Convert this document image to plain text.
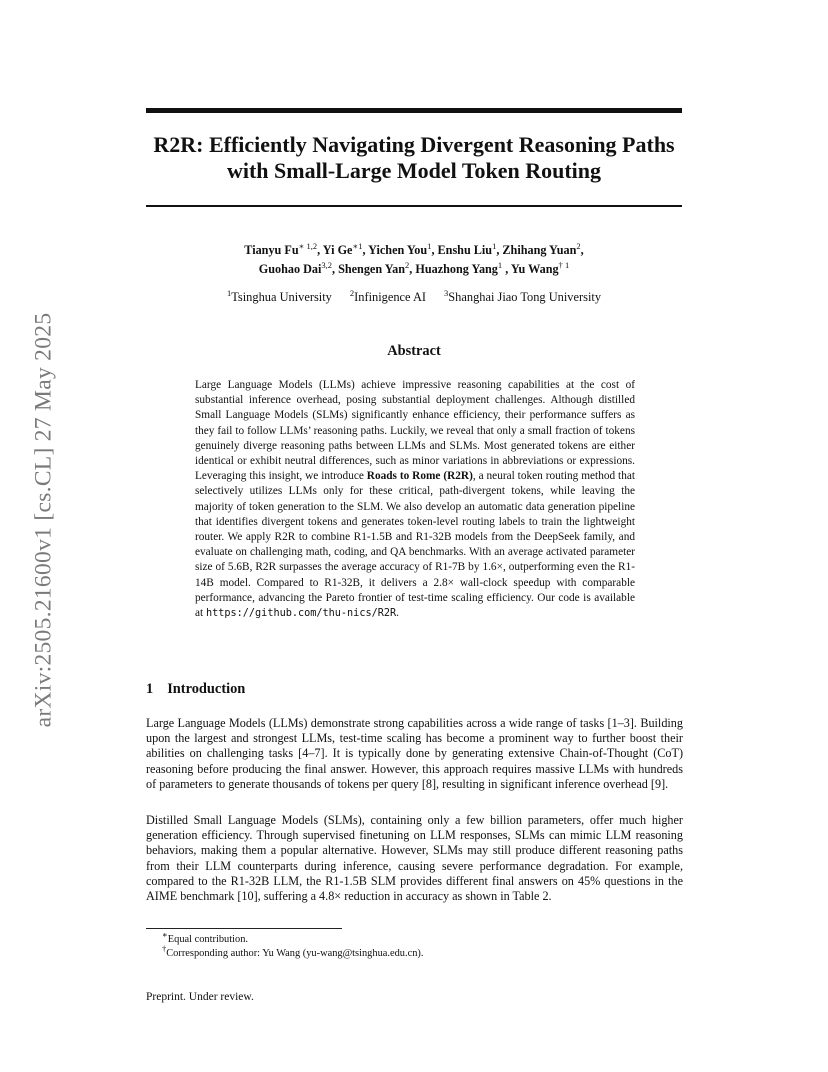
arXiv:2505.21600v1 [cs.CL] 27 May 2025
R2R: Efficiently Navigating Divergent Reasoning Paths with Small-Large Model Token Routing

Tianyu $Fu^{∗ 1,2}$, Yi $Ge^{∗1}$, Yichen You$^1$, Enshu Liu$^1$, Zhihang Yuan$^2$,
Guohao Dai$^{3,2}$, Shengen Yan$^2$, Huazhong Yang$^1$ , Yu Wang$^{\dagger 1}$

$^1$Tsinghua University $^2$Infinigence AI $^3$Shanghai Jiao Tong University
Abstract

Large Language Models (LLMs) achieve impressive reasoning capabilities at the cost of substantial inference overhead, posing substantial deployment challenges. Although distilled Small Language Models (SLMs) significantly enhance efficiency, their performance suffers as they fail to follow LLMs’ reasoning paths. Luckily, we reveal that only a small fraction of tokens genuinely diverge reasoning paths between LLMs and SLMs. Most generated tokens are either identical or exhibit neutral differences, such as minor variations in abbreviations or expressions. Leveraging this insight, we introduce Roads to Rome (R2R), a neural token routing method that selectively utilizes LLMs only for these critical, path-divergent tokens, while leaving the majority of token generation to the SLM. We also develop an automatic data generation pipeline that identifies divergent tokens and generates token-level routing labels to train the lightweight router. We apply R2R to combine R1-1.5B and R1-32B models from the DeepSeek family, and evaluate on challenging math, coding, and QA benchmarks. With an average activated parameter size of 5.6B, R2R surpasses the average accuracy of R1-7B by 1.6×, outperforming even the R1-14B model. Compared to R1-32B, it delivers a 2.8× wall-clock speedup with comparable performance, advancing the Pareto frontier of test-time scaling efficiency. Our code is available at https://github.com/thu-nics/R2R.

1 Introduction

Large Language Models (LLMs) demonstrate strong capabilities across a wide range of tasks [1–3]. Building upon the largest and strongest LLMs, test-time scaling has become a prominent way to further boost their abilities on challenging tasks [4–7]. It is typically done by generating extensive Chain-of-Thought (CoT) reasoning before producing the final answer. However, this approach requires massive LLMs with hundreds of parameters to generate thousands of tokens per query [8], resulting in significant inference overhead [9].

Distilled Small Language Models (SLMs), containing only a few billion parameters, offer much higher generation efficiency. Through supervised finetuning on LLM responses, SLMs can mimic LLM reasoning behaviors, making them a popular alternative. However, SLMs may still produce different reasoning paths from their LLM counterparts during inference, causing severe performance degradation. For example, compared to the R1-32B LLM, the R1-1.5B SLM provides different final answers on 45% questions in the AIME benchmark [10], suffering a 4.8× reduction in accuracy as shown in Table 2.

∗Equal contribution.

†Corresponding author: Yu Wang (yu-wang@tsinghua.edu.cn).

Preprint. Under review.
